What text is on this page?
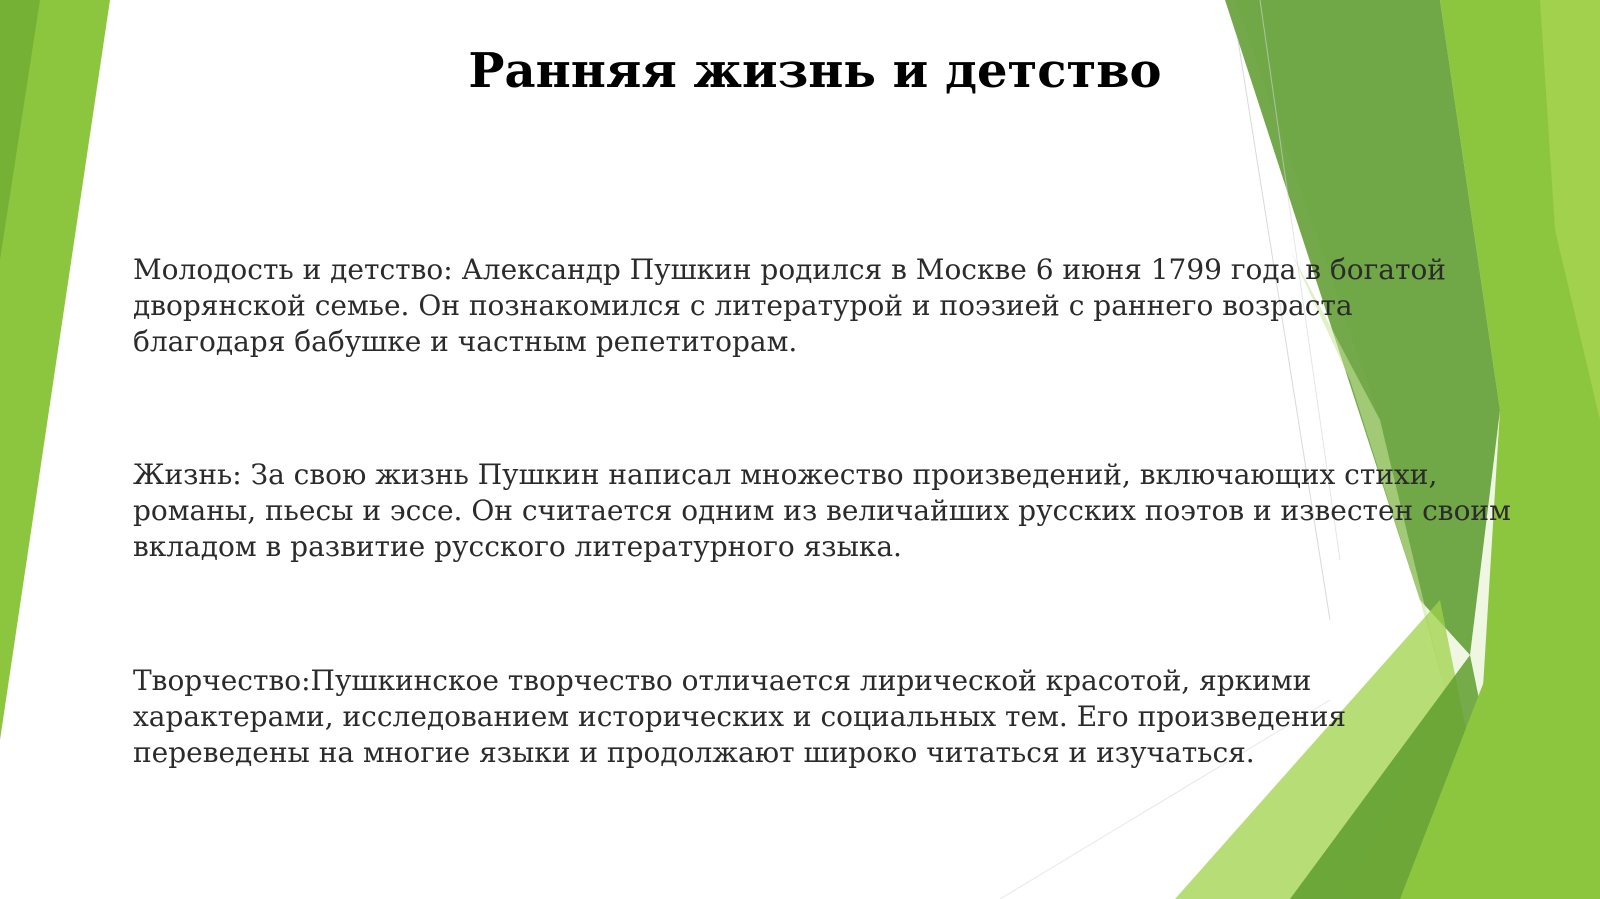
Ранняя жизнь и детство

Молодость и детство: Александр Пушкин родился в Москве 6 июня 1799 года в богатой дворянской семье. Он познакомился с литературой и поэзией с раннего возраста благодаря бабушке и частным репетиторам.

Жизнь: За свою жизнь Пушкин написал множество произведений, включающих стихи, романы, пьесы и эссе. Он считается одним из величайших русских поэтов и известен своим вкладом в развитие русского литературного языка.

Творчество:Пушкинское творчество отличается лирической красотой, яркими характерами, исследованием исторических и социальных тем. Его произведения переведены на многие языки и продолжают широко читаться и изучаться.
